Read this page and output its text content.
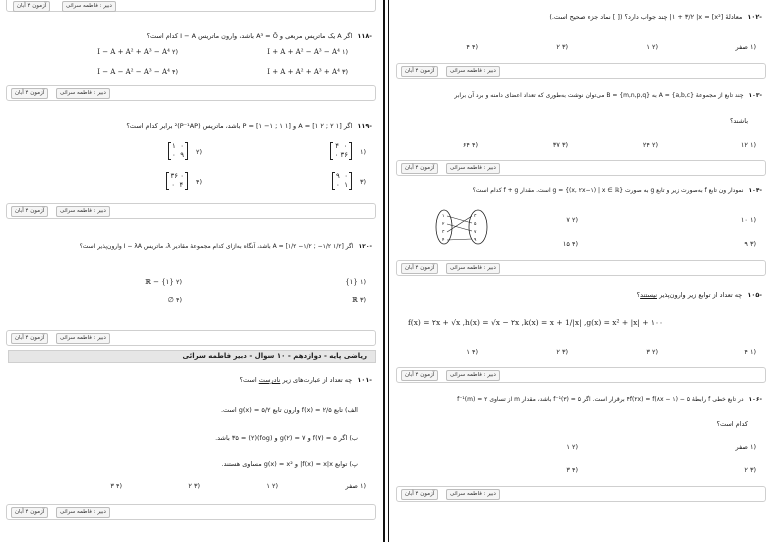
دبیر : فاطمه سرائی
آزمون ۴ آبان
-۱۱۸ اگر A یک ماتریس مربعی و A³ = Ō باشد، وارون ماتریس I − A کدام است؟
(۱ I + A + A² − A³ − A⁴
(۲ I − A + A² + A³ − A⁴
(۳ I + A + A² + A³ + A⁴
(۴ I − A − A² − A³ − A⁴
دبیر : فاطمه سرائی
آزمون ۴ آبان
-۱۱۹ اگر A = [۱ ۲ ; ۲ ۱] و P = [۱ −۱ ; ۱ ۱] باشد، ماتریس (P⁻¹AP)² برابر کدام است؟
(۱
۴ ۰
۰ ۳۶
(۲
۱ ۰
۰ ۹
(۳
۹ ۰
۰ ۱
(۴
۳۶ ۰
۰ ۴
دبیر : فاطمه سرائی
آزمون ۴ آبان
-۱۲۰ اگر A = [۱/۲ −۱/۲ ; −۱/۲ ۱/۲] باشد، آنگاه به‌ازای کدام مجموعهٔ مقادیر λ، ماتریس I − λA وارون‌پذیر است؟
(۱ {۱}
(۲ ℝ − {۱}
(۳ ℝ
(۴ ∅
دبیر : فاطمه سرائی
آزمون ۴ آبان
ریاضی پایه - دوازدهم - ۱۰ سوال - دبیر فاطمه سرائی
-۱۰۱ چه تعداد از عبارت‌های زیر نادرست است؟
الف) تابع f(x) = ۲/۵ وارون تابع g(x) = ۵/۲ است.
ب) اگر f(۷) = ۵ و g(۲) = ۷ و (fog)(۲) = ۳۵ باشد.
پ) توابع f(x) = x|x| و g(x) = x² مساوی هستند.
(۱ صفر
(۲ ۱
(۳ ۲
(۴ ۳
دبیر : فاطمه سرائی
آزمون ۴ آبان
-۱۰۲ معادلهٔ [x²] = ۱ + ۳/۲ |x| چند جواب دارد؟ ([ ] نماد جزء صحیح است.)
(۱ صفر
(۲ ۱
(۳ ۲
(۴ ۴
دبیر : فاطمه سرائی
آزمون ۴ آبان
-۱۰۳ چند تابع از مجموعهٔ A = {a,b,c} به B = {m,n,p,q} می‌توان نوشت به‌طوری که تعداد اعضای دامنه و برد آن برابر
باشند؟
(۱ ۱۲
(۲ ۲۴
(۳ ۳۷
(۴ ۶۴
دبیر : فاطمه سرائی
آزمون ۴ آبان
-۱۰۴ نمودار ون تابع f به‌صورت زیر و تابع g به صورت g = {(x, ۲x−۱) | x ∈ ℝ} است. مقدار f + g کدام است؟
۱
۲
۳
۴
۳
۵
۷
۹
(۱ ۱۰
(۲ ۷
(۳ ۹
(۴ ۱۵
دبیر : فاطمه سرائی
آزمون ۴ آبان
-۱۰۵ چه تعداد از توابع زیر وارون‌پذیر نیستند؟
f(x) = ۲x + √x ,h(x) = √x − ۲x ,k(x) = x + 1/|x| ,g(x) = x² + |x| + ۱۰۰
(۱ ۴
(۲ ۳
(۳ ۲
(۴ ۱
دبیر : فاطمه سرائی
آزمون ۴ آبان
-۱۰۶ در تابع خطی f رابطهٔ ۴f(۲x) = f(۸x − ۱) − ۵ برقرار است. اگر f⁻¹(۳) = ۵ باشد، مقدار m از تساوی f⁻¹(m) = ۲
کدام است؟
(۱ صفر
(۲ ۱
(۳ ۲
(۴ ۳
دبیر : فاطمه سرائی
آزمون ۴ آبان
